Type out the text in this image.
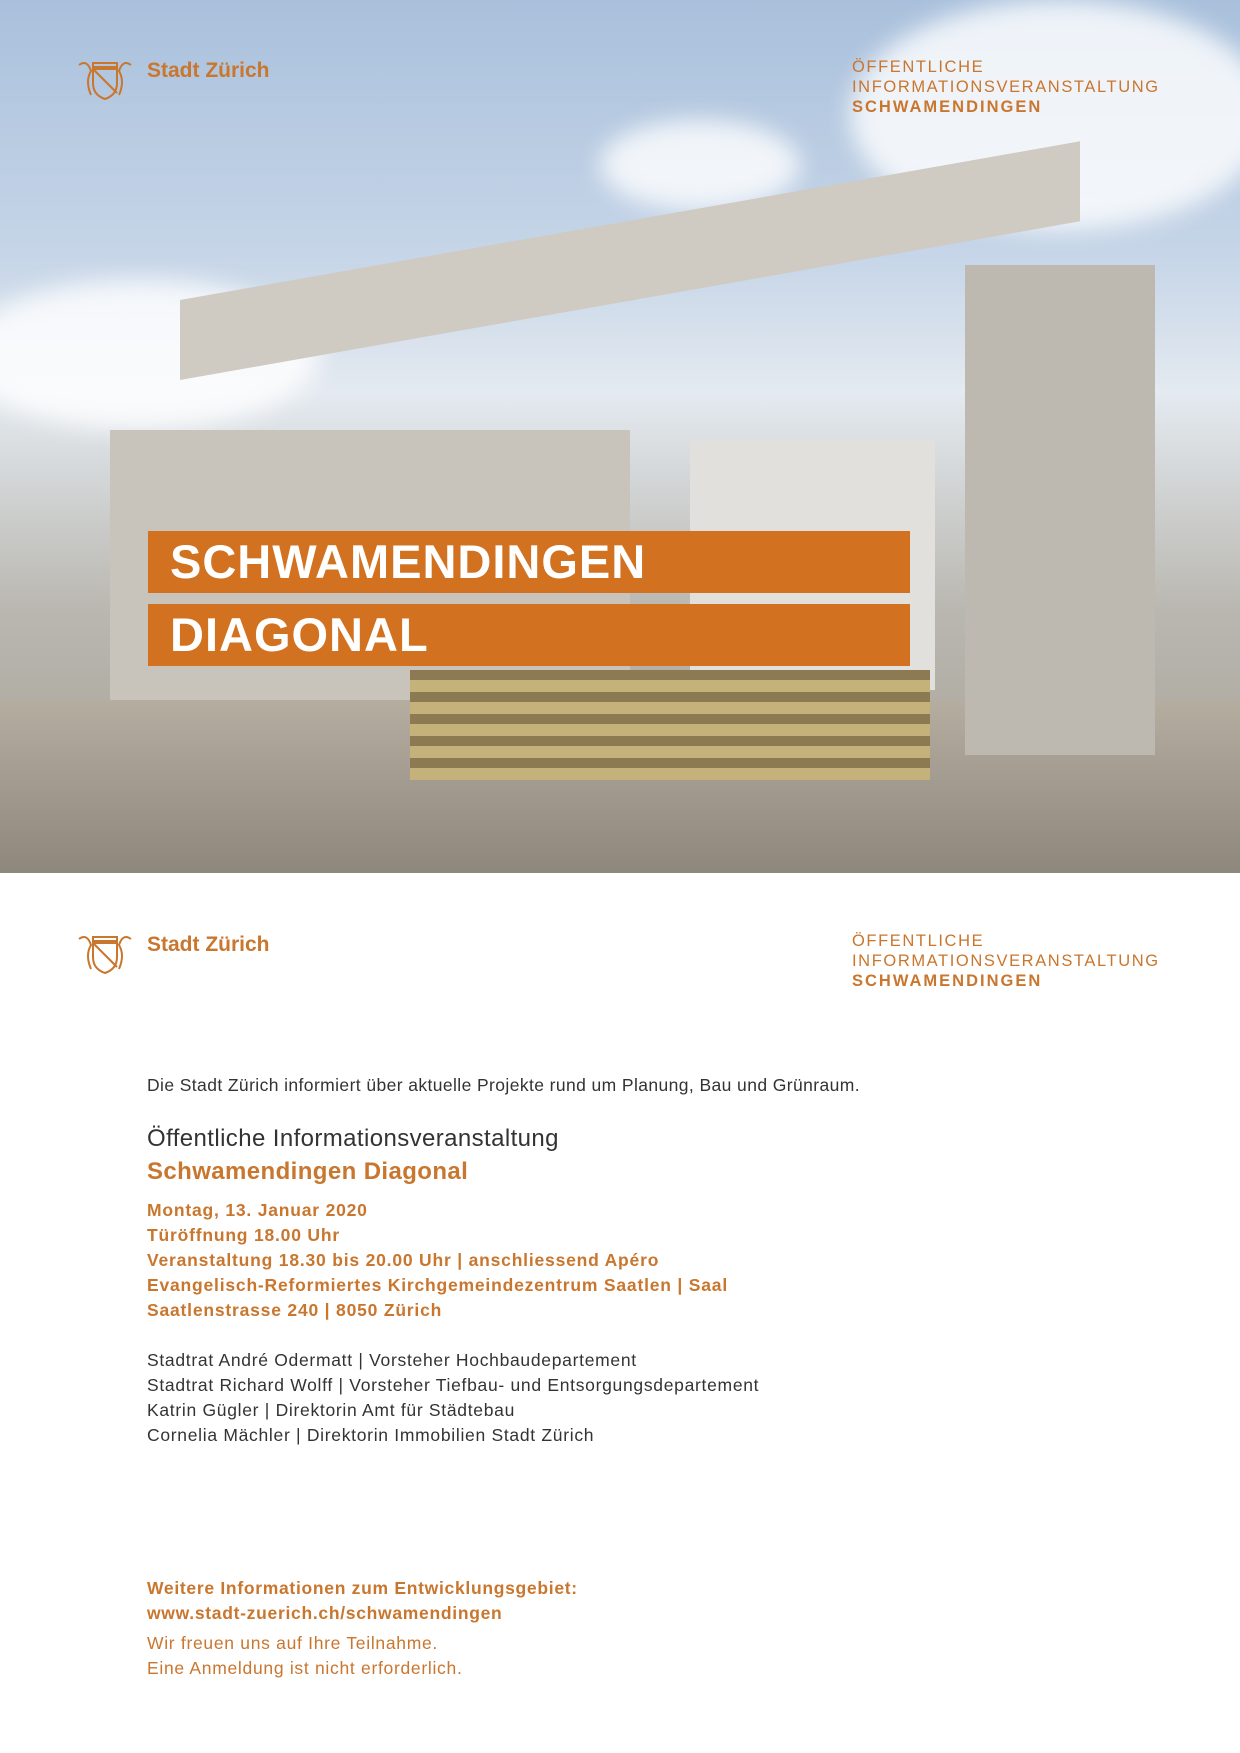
Stadt Zürich	ÖFFENTLICHE
INFORMATIONSVERANSTALTUNG
SCHWAMENDINGEN
SCHWAMENDINGEN
DIAGONAL
Stadt Zürich	ÖFFENTLICHE
INFORMATIONSVERANSTALTUNG
SCHWAMENDINGEN
Die Stadt Zürich informiert über aktuelle Projekte rund um Planung, Bau und Grünraum.
Öffentliche Informationsveranstaltung
Schwamendingen Diagonal
Montag, 13. Januar 2020
Türöffnung 18.00 Uhr
Veranstaltung 18.30 bis 20.00 Uhr | anschliessend Apéro
Evangelisch-Reformiertes Kirchgemeindezentrum Saatlen | Saal
Saatlenstrasse 240 | 8050 Zürich
Stadtrat André Odermatt | Vorsteher Hochbaudepartement
Stadtrat Richard Wolff | Vorsteher Tiefbau- und Entsorgungsdepartement
Katrin Gügler | Direktorin Amt für Städtebau
Cornelia Mächler | Direktorin Immobilien Stadt Zürich
Weitere Informationen zum Entwicklungsgebiet:
www.stadt-zuerich.ch/schwamendingen
Wir freuen uns auf Ihre Teilnahme.
Eine Anmeldung ist nicht erforderlich.
